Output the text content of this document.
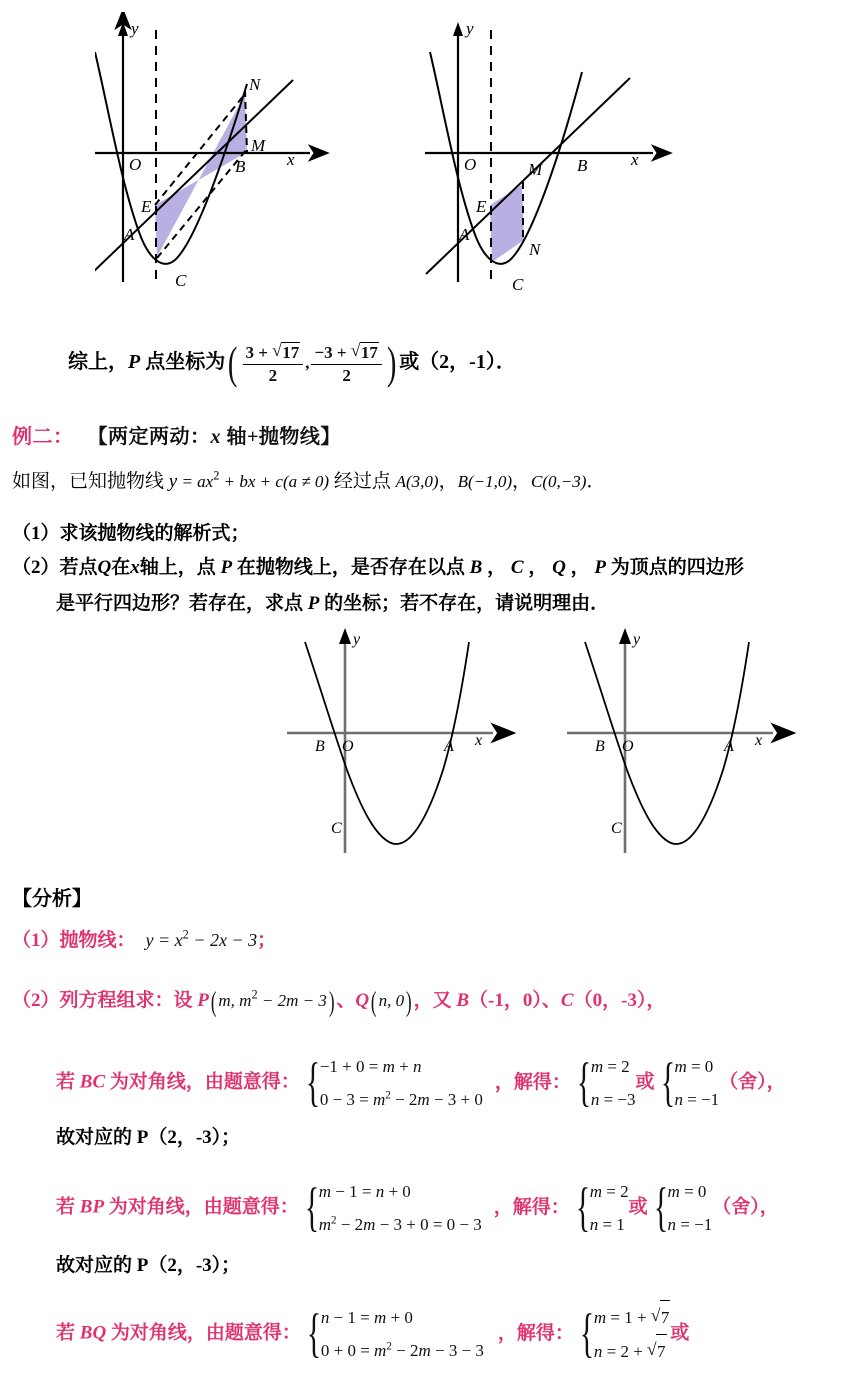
O	x
y
A
B
C
E
M
N
O	x
y
A
B
C
E
M
N
综上，P 点坐标为( $\frac{3 + √ 17}{2}$ , $\frac{-3 + √ 17}{2}$ ) 或（2，-1）．
例二： 【两定两动：x 轴+抛物线】
如图，已知抛物线 $y = ax^2$ + bx + c(a ≠ 0) 经过点 A(3,0)，B(−1,0)，C(0,−3)．
（1）求该抛物线的解析式；
（2）若点Q在x轴上，点 P 在抛物线上，是否存在以点 B ， C ， Q ， P 为顶点的四边形
是平行四边形？若存在，求点 P 的坐标；若不存在，请说明理由．
B O	A x
y
C
B O	A x
y
C
【分析】
（1）抛物线： $y = x^2 - 2x - 3$；
（2）列方程组求：设 P( m, $m^2 - 2m - 3$)、Q( n, 0)，又 B（-1，0）、C（0，-3），
若 BC 为对角线，由题意得： { −1 + 0 = m + n
$0 - 3 = m^2 - 2m - 3 + 0$
，解得： { m = 2
n = −3
或 { m = 0
n = −1
（舍），
故对应的 P（2，-3）；
若 BP 为对角线，由题意得： { m − 1 = n + 0
$m^2 - 2m - 3 + 0 = 0 - 3$
，解得： { m = 2
n = 1
或 { m = 0
n = −1
（舍），
故对应的 P（2，-3）；
若 BQ 为对角线，由题意得： { n − 1 = m + 0
$0 + 0 = m^2 - 2m - 3 - 3$
，解得： { m = 1 + √ 7
n = 2 + √ 7
或
